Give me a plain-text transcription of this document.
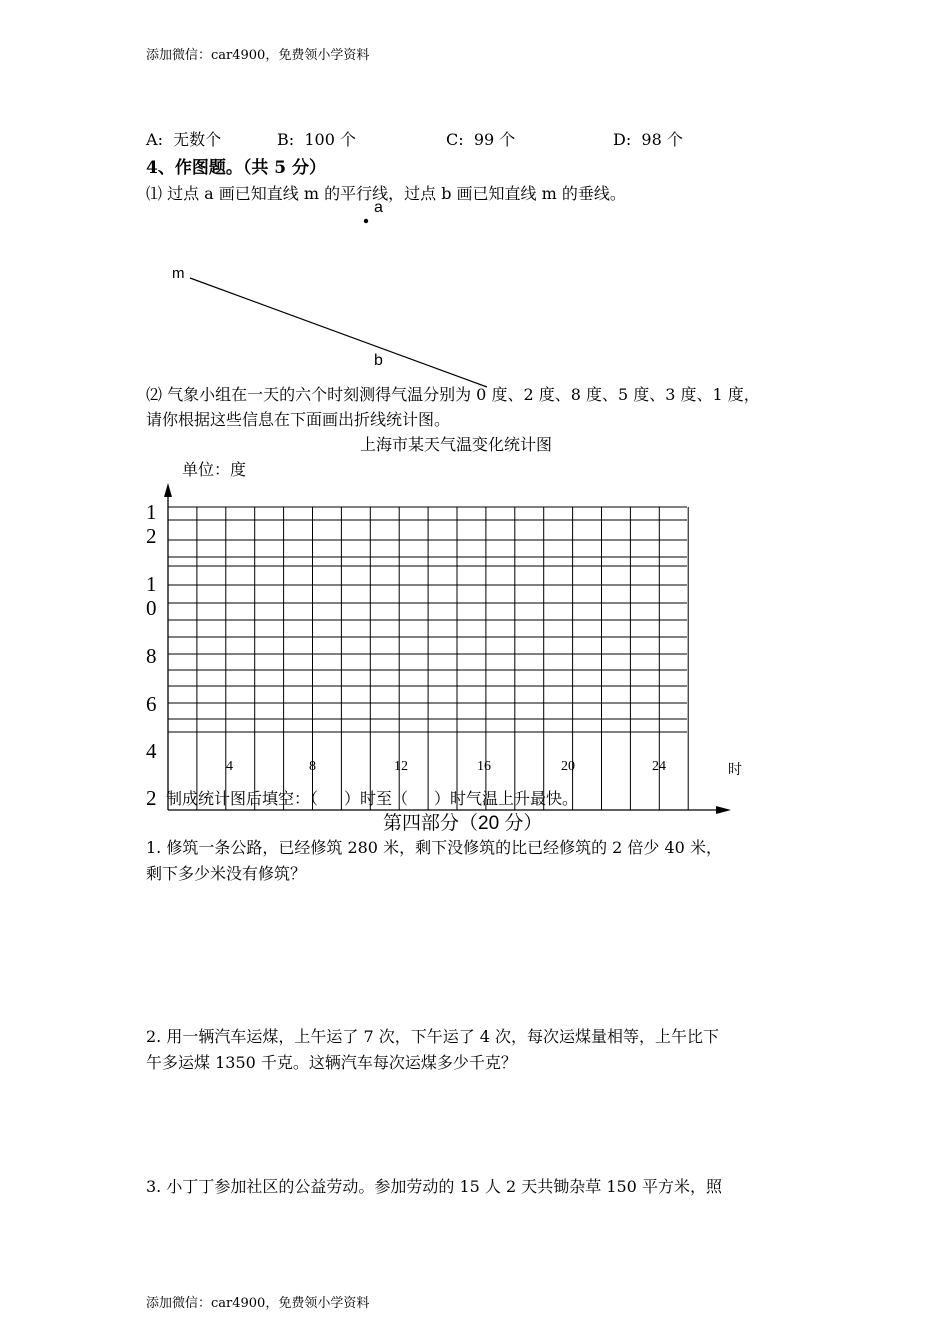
添加微信：car4900，免费领小学资料
A:  无数个	B:  100 个	C:  99 个	D:  98 个
4、作图题。（共 5 分）
⑴ 过点 a 画已知直线 m 的平行线，过点 b 画已知直线 m 的垂线。
a
m
b
⑵ 气象小组在一天的六个时刻测得气温分别为 0 度、2 度、8 度、5 度、3 度、1 度，
请你根据这些信息在下面画出折线统计图。
上海市某天气温变化统计图
单位：度
1
2
1
0
8
6
4
2
4	8	12	16	20	24	时
制成统计图后填空：（ ）时至（ ）时气温上升最快。
第四部分（20 分）
1. 修筑一条公路，已经修筑 280 米，剩下没修筑的比已经修筑的 2 倍少 40 米，
剩下多少米没有修筑？
2. 用一辆汽车运煤，上午运了 7 次，下午运了 4 次，每次运煤量相等，上午比下
午多运煤 1350 千克。这辆汽车每次运煤多少千克？
3. 小丁丁参加社区的公益劳动。参加劳动的 15 人 2 天共锄杂草 150 平方米，照
添加微信：car4900，免费领小学资料
